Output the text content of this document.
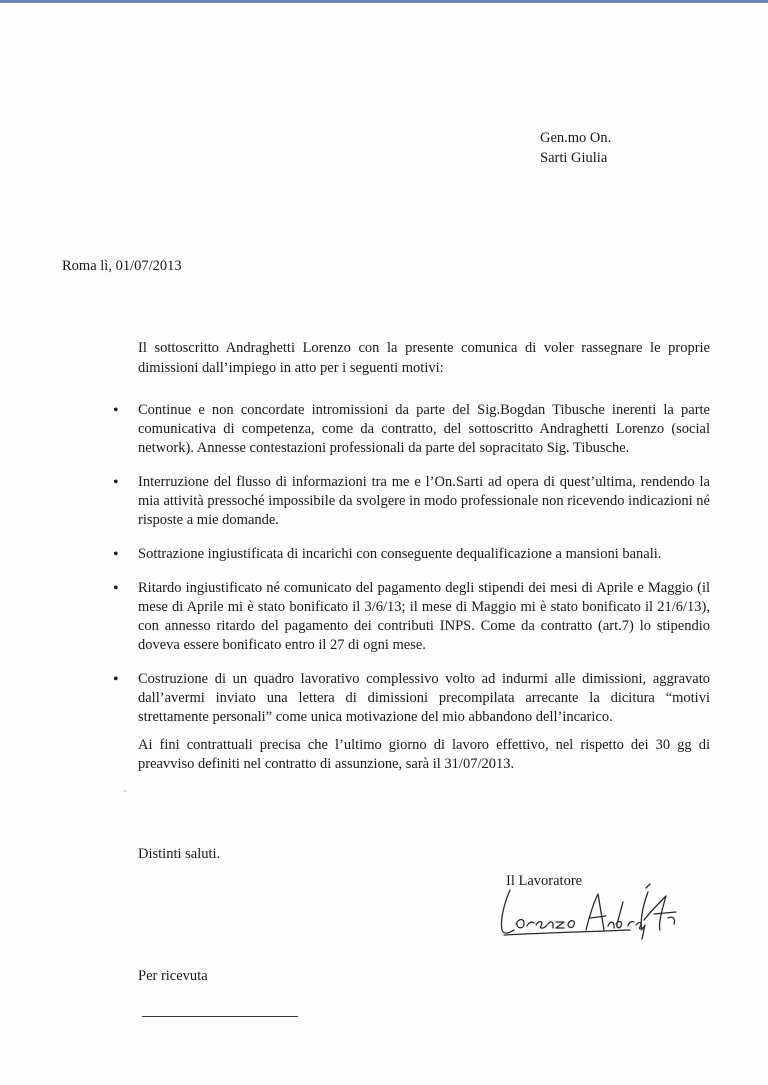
Gen.mo On.
Sarti Giulia
Roma lì, 01/07/2013

Il sottoscritto Andraghetti Lorenzo con la presente comunica di voler rassegnare le proprie dimissioni dall’impiego in atto per i seguenti motivi:

• Continue e non concordate intromissioni da parte del Sig.Bogdan Tibusche inerenti la parte comunicativa di competenza, come da contratto, del sottoscritto Andraghetti Lorenzo (social network). Annesse contestazioni professionali da parte del sopracitato Sig. Tibusche.
• Interruzione del flusso di informazioni tra me e l’On.Sarti ad opera di quest’ultima, rendendo la mia attività pressoché impossibile da svolgere in modo professionale non ricevendo indicazioni né risposte a mie domande.
• Sottrazione ingiustificata di incarichi con conseguente dequalificazione a mansioni banali.
• Ritardo ingiustificato né comunicato del pagamento degli stipendi dei mesi di Aprile e Maggio (il mese di Aprile mi è stato bonificato il 3/6/13; il mese di Maggio mi è stato bonificato il 21/6/13), con annesso ritardo del pagamento dei contributi INPS. Come da contratto (art.7) lo stipendio doveva essere bonificato entro il 27 di ogni mese.
• Costruzione di un quadro lavorativo complessivo volto ad indurmi alle dimissioni, aggravato dall’avermi inviato una lettera di dimissioni precompilata arrecante la dicitura “motivi strettamente personali” come unica motivazione del mio abbandono dell’incarico.

Ai fini contrattuali precisa che l’ultimo giorno di lavoro effettivo, nel rispetto dei 30 gg di preavviso definiti nel contratto di assunzione, sarà il 31/07/2013.

Distinti saluti.
Il Lavoratore
Per ricevuta
